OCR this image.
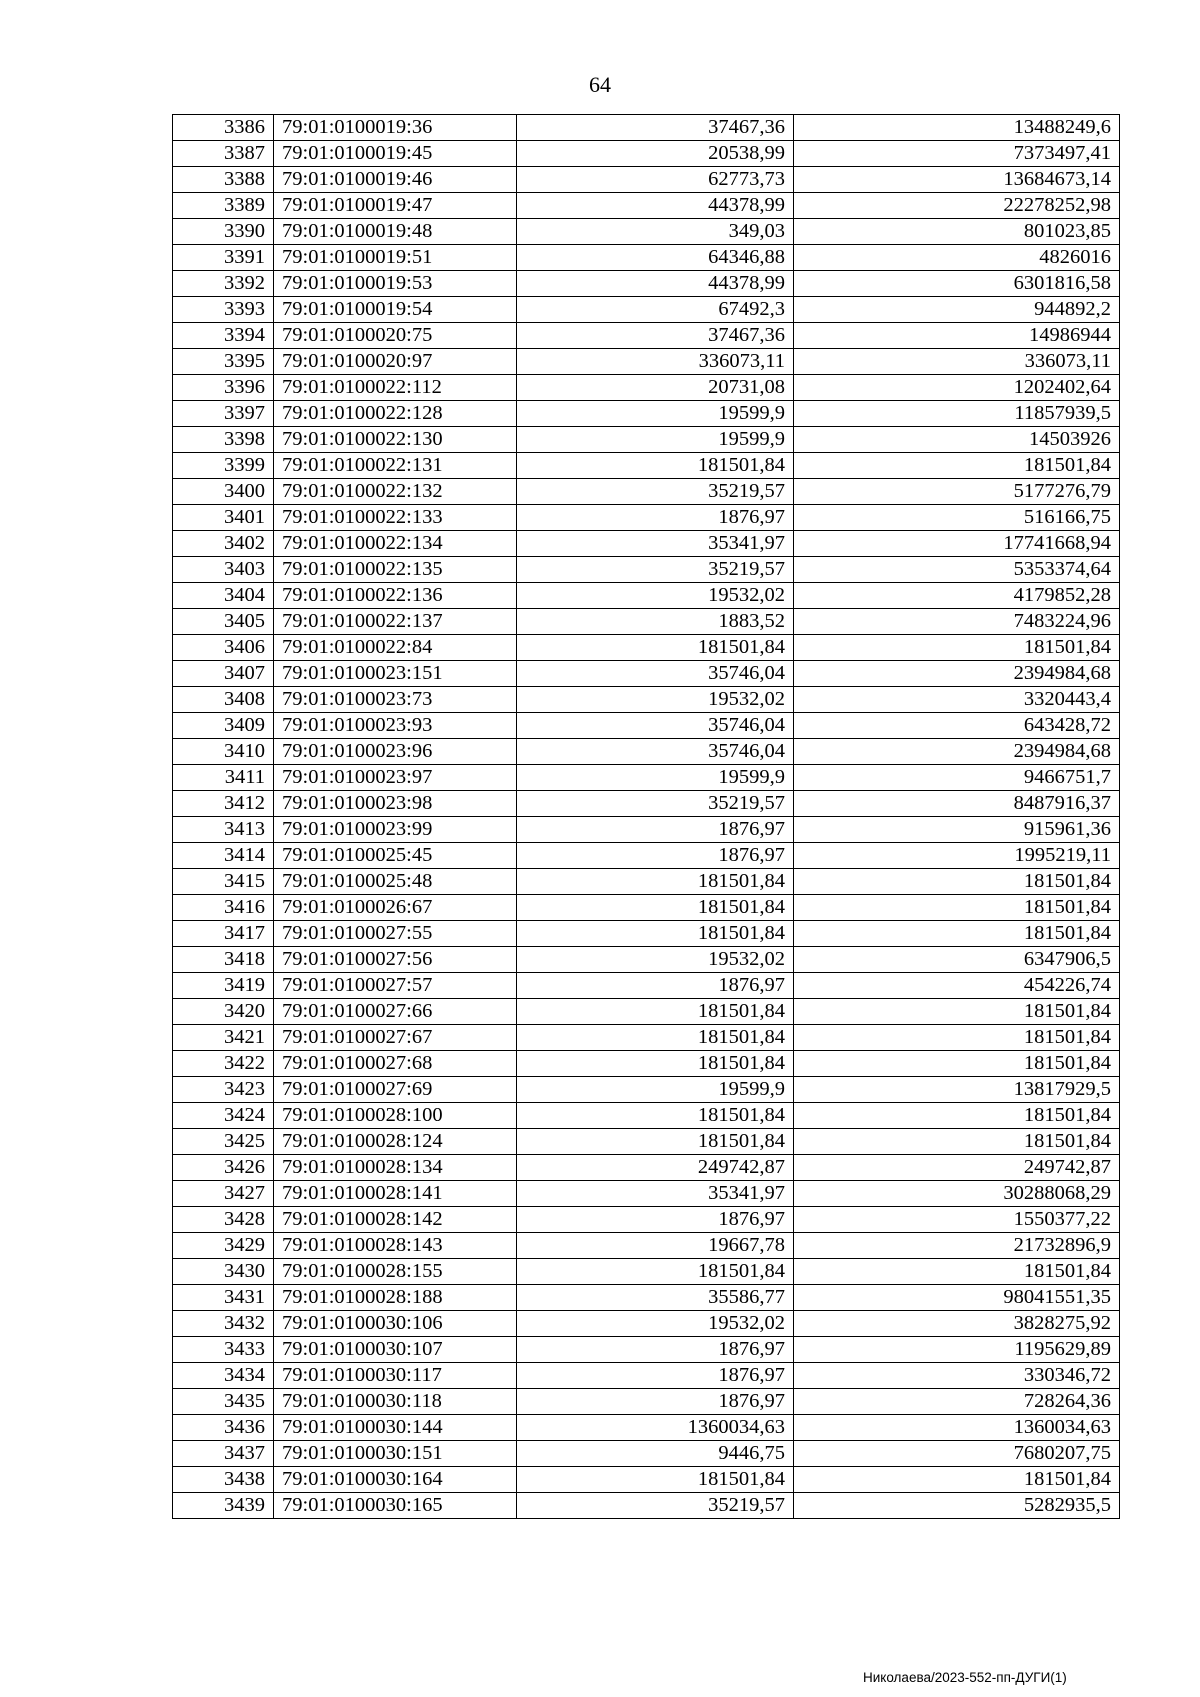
64
3386	79:01:0100019:36	37467,36	13488249,6
3387	79:01:0100019:45	20538,99	7373497,41
3388	79:01:0100019:46	62773,73	13684673,14
3389	79:01:0100019:47	44378,99	22278252,98
3390	79:01:0100019:48	349,03	801023,85
3391	79:01:0100019:51	64346,88	4826016
3392	79:01:0100019:53	44378,99	6301816,58
3393	79:01:0100019:54	67492,3	944892,2
3394	79:01:0100020:75	37467,36	14986944
3395	79:01:0100020:97	336073,11	336073,11
3396	79:01:0100022:112	20731,08	1202402,64
3397	79:01:0100022:128	19599,9	11857939,5
3398	79:01:0100022:130	19599,9	14503926
3399	79:01:0100022:131	181501,84	181501,84
3400	79:01:0100022:132	35219,57	5177276,79
3401	79:01:0100022:133	1876,97	516166,75
3402	79:01:0100022:134	35341,97	17741668,94
3403	79:01:0100022:135	35219,57	5353374,64
3404	79:01:0100022:136	19532,02	4179852,28
3405	79:01:0100022:137	1883,52	7483224,96
3406	79:01:0100022:84	181501,84	181501,84
3407	79:01:0100023:151	35746,04	2394984,68
3408	79:01:0100023:73	19532,02	3320443,4
3409	79:01:0100023:93	35746,04	643428,72
3410	79:01:0100023:96	35746,04	2394984,68
3411	79:01:0100023:97	19599,9	9466751,7
3412	79:01:0100023:98	35219,57	8487916,37
3413	79:01:0100023:99	1876,97	915961,36
3414	79:01:0100025:45	1876,97	1995219,11
3415	79:01:0100025:48	181501,84	181501,84
3416	79:01:0100026:67	181501,84	181501,84
3417	79:01:0100027:55	181501,84	181501,84
3418	79:01:0100027:56	19532,02	6347906,5
3419	79:01:0100027:57	1876,97	454226,74
3420	79:01:0100027:66	181501,84	181501,84
3421	79:01:0100027:67	181501,84	181501,84
3422	79:01:0100027:68	181501,84	181501,84
3423	79:01:0100027:69	19599,9	13817929,5
3424	79:01:0100028:100	181501,84	181501,84
3425	79:01:0100028:124	181501,84	181501,84
3426	79:01:0100028:134	249742,87	249742,87
3427	79:01:0100028:141	35341,97	30288068,29
3428	79:01:0100028:142	1876,97	1550377,22
3429	79:01:0100028:143	19667,78	21732896,9
3430	79:01:0100028:155	181501,84	181501,84
3431	79:01:0100028:188	35586,77	98041551,35
3432	79:01:0100030:106	19532,02	3828275,92
3433	79:01:0100030:107	1876,97	1195629,89
3434	79:01:0100030:117	1876,97	330346,72
3435	79:01:0100030:118	1876,97	728264,36
3436	79:01:0100030:144	1360034,63	1360034,63
3437	79:01:0100030:151	9446,75	7680207,75
3438	79:01:0100030:164	181501,84	181501,84
3439	79:01:0100030:165	35219,57	5282935,5
Николаева/2023-552-пп-ДУГИ(1)
